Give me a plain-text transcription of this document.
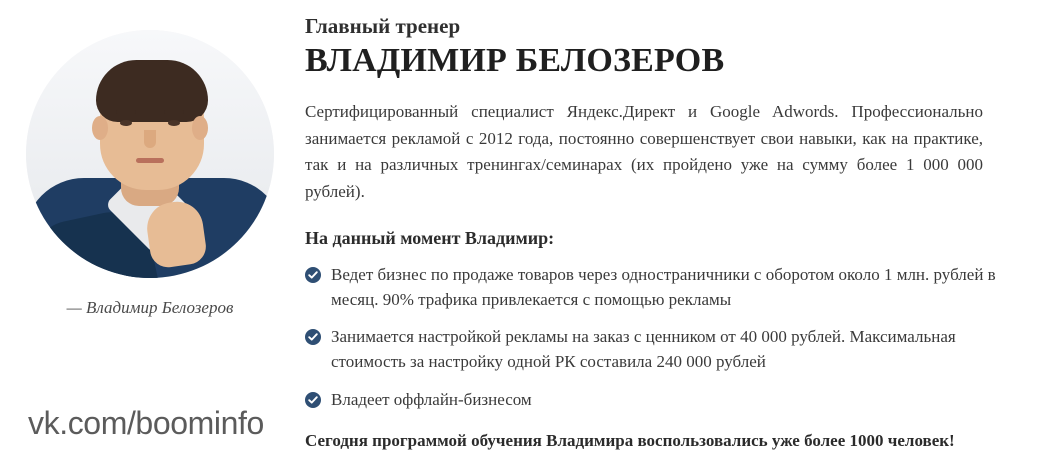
— Владимир Белозеров
vk.com/boominfo
Главный тренер
ВЛАДИМИР БЕЛОЗЕРОВ

Сертифицированный специалист Яндекс.Директ и Google Adwords. Профессионально занимается рекламой с 2012 года, постоянно совершенствует свои навыки, как на практике, так и на различных тренингах/семинарах (их пройдено уже на сумму более 1 000 000 рублей).

На данный момент Владимир:
Ведет бизнес по продаже товаров через одностраничники с оборотом около 1 млн. рублей в месяц. 90% трафика привлекается с помощью рекламы
Занимается настройкой рекламы на заказ с ценником от 40 000 рублей. Максимальная стоимость за настройку одной РК составила 240 000 рублей
Владеет оффлайн-бизнесом

Сегодня программой обучения Владимира воспользовались уже более 1000 человек!
